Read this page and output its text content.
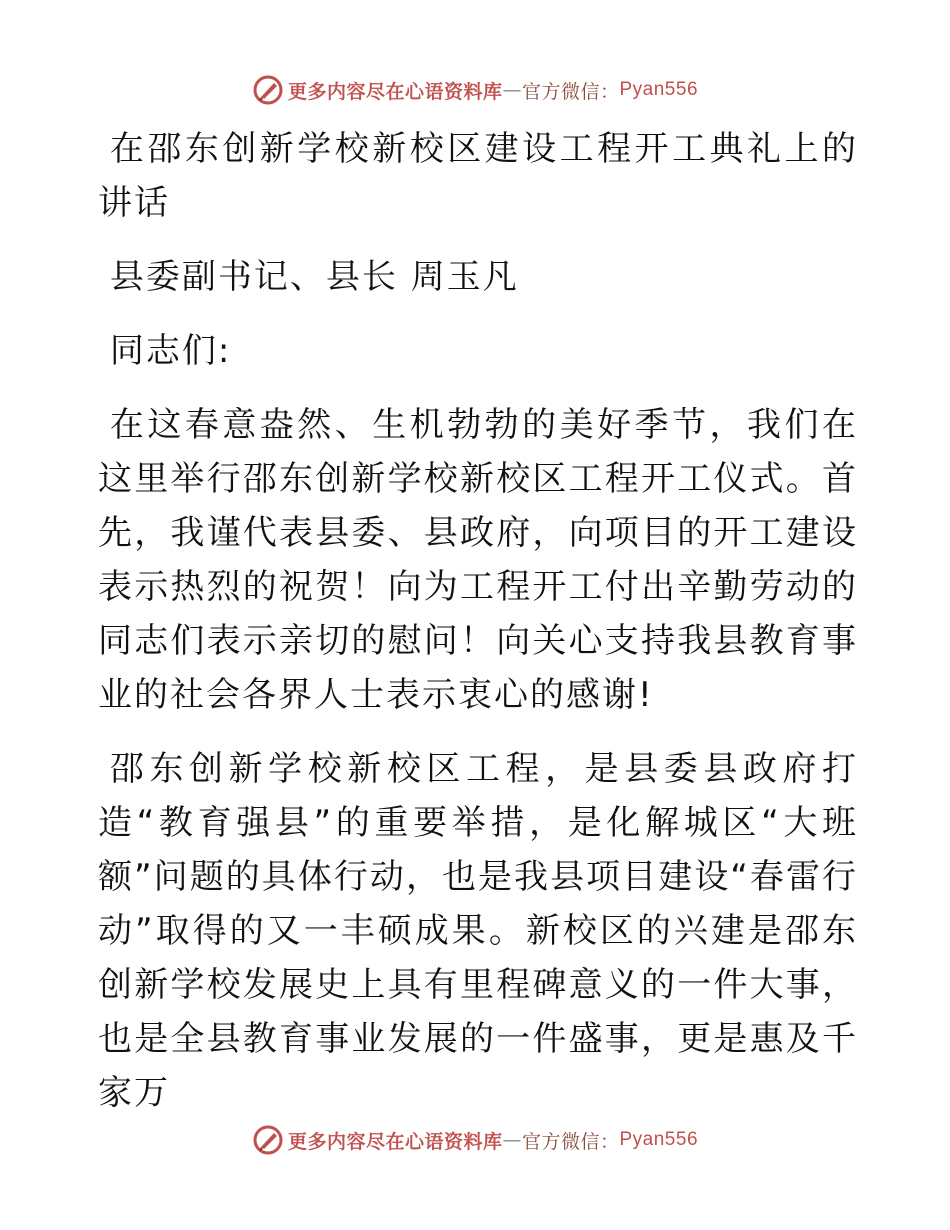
更多内容尽在心语资料库 — 官方微信： Pyan556

在邵东创新学校新校区建设工程开工典礼上的讲话

县委副书记、县长 周玉凡

同志们:

在这春意盎然、生机勃勃的美好季节，我们在这里举行邵东创新学校新校区工程开工仪式。首先，我谨代表县委、县政府，向项目的开工建设表示热烈的祝贺！向为工程开工付出辛勤劳动的同志们表示亲切的慰问！向关心支持我县教育事业的社会各界人士表示衷心的感谢!

邵东创新学校新校区工程，是县委县政府打造“教育强县”的重要举措，是化解城区“大班额”问题的具体行动，也是我县项目建设“春雷行动”取得的又一丰硕成果。新校区的兴建是邵东创新学校发展史上具有里程碑意义的一件大事，也是全县教育事业发展的一件盛事，更是惠及千家万

更多内容尽在心语资料库 — 官方微信： Pyan556
